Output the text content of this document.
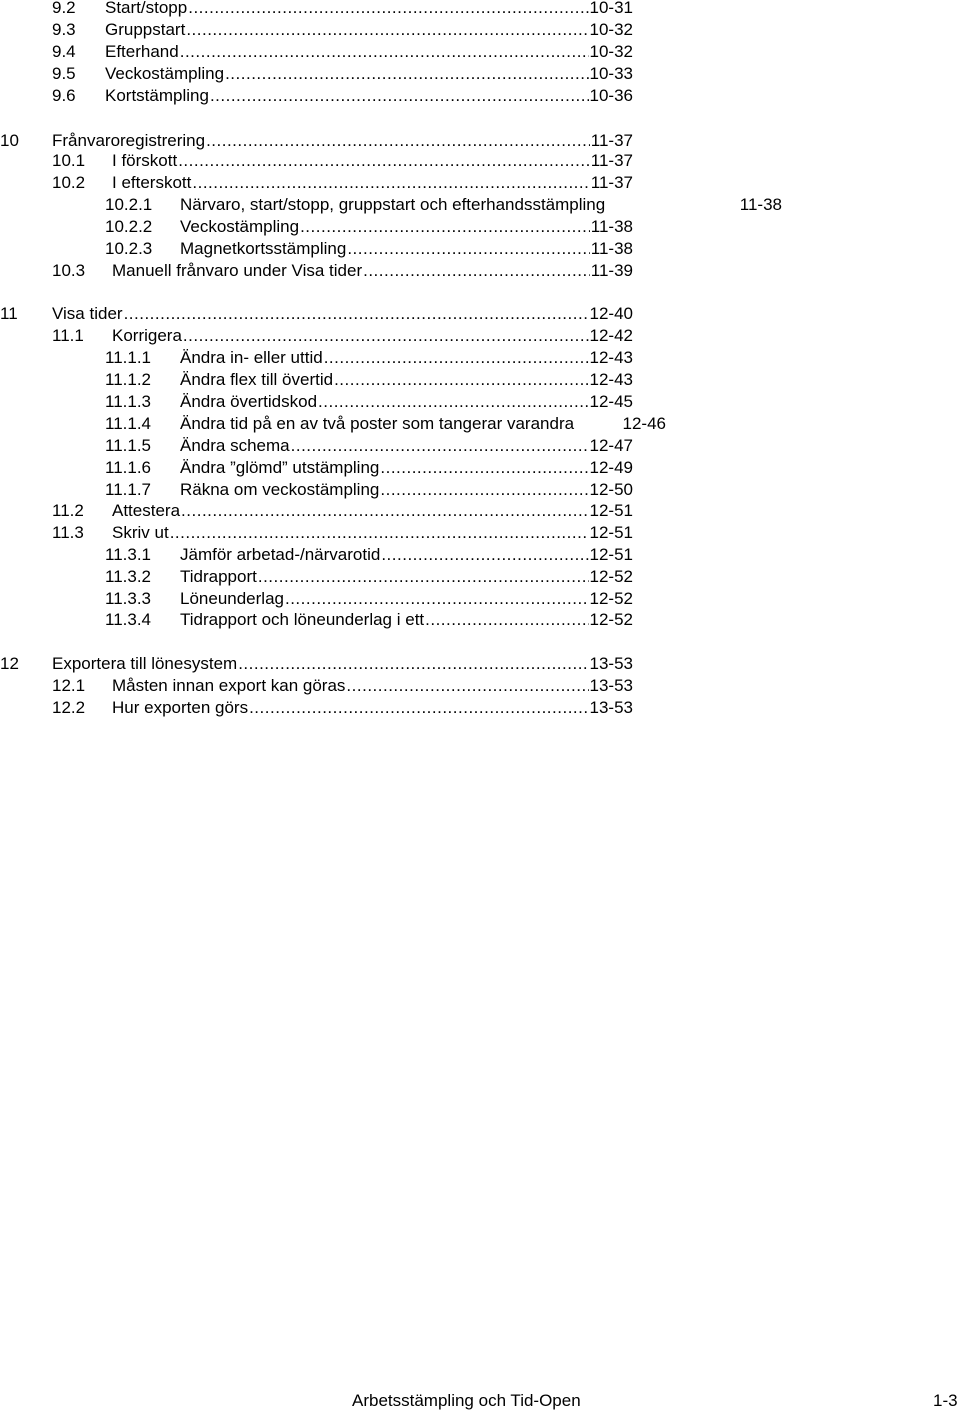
9.2 Start/stopp .....	10-31
9.3 Gruppstart .....	10-32
9.4 Efterhand .....	10-32
9.5 Veckostämpling .....	10-33
9.6 Kortstämpling .....	10-36
10 Frånvaroregistrering .....	11-37
10.1 I förskott .....	11-37
10.2 I efterskott .....	11-37
10.2.1 Närvaro, start/stopp, gruppstart och efterhandsstämpling	11-38
10.2.2 Veckostämpling .....	11-38
10.2.3 Magnetkortsstämpling .....	11-38
10.3 Manuell frånvaro under Visa tider .....	11-39
11 Visa tider .....	12-40
11.1 Korrigera .....	12-42
11.1.1 Ändra in- eller uttid .....	12-43
11.1.2 Ändra flex till övertid .....	12-43
11.1.3 Ändra övertidskod .....	12-45
11.1.4 Ändra tid på en av två poster som tangerar varandra	12-46
11.1.5 Ändra schema .....	12-47
11.1.6 Ändra ”glömd” utstämpling .....	12-49
11.1.7 Räkna om veckostämpling .....	12-50
11.2 Attestera .....	12-51
11.3 Skriv ut .....	12-51
11.3.1 Jämför arbetad-/närvarotid .....	12-51
11.3.2 Tidrapport .....	12-52
11.3.3 Löneunderlag .....	12-52
11.3.4 Tidrapport och löneunderlag i ett .....	12-52
12 Exportera till lönesystem .....	13-53
12.1 Måsten innan export kan göras .....	13-53
12.2 Hur exporten görs .....	13-53
Arbetsstämpling och Tid-Open	1-3
